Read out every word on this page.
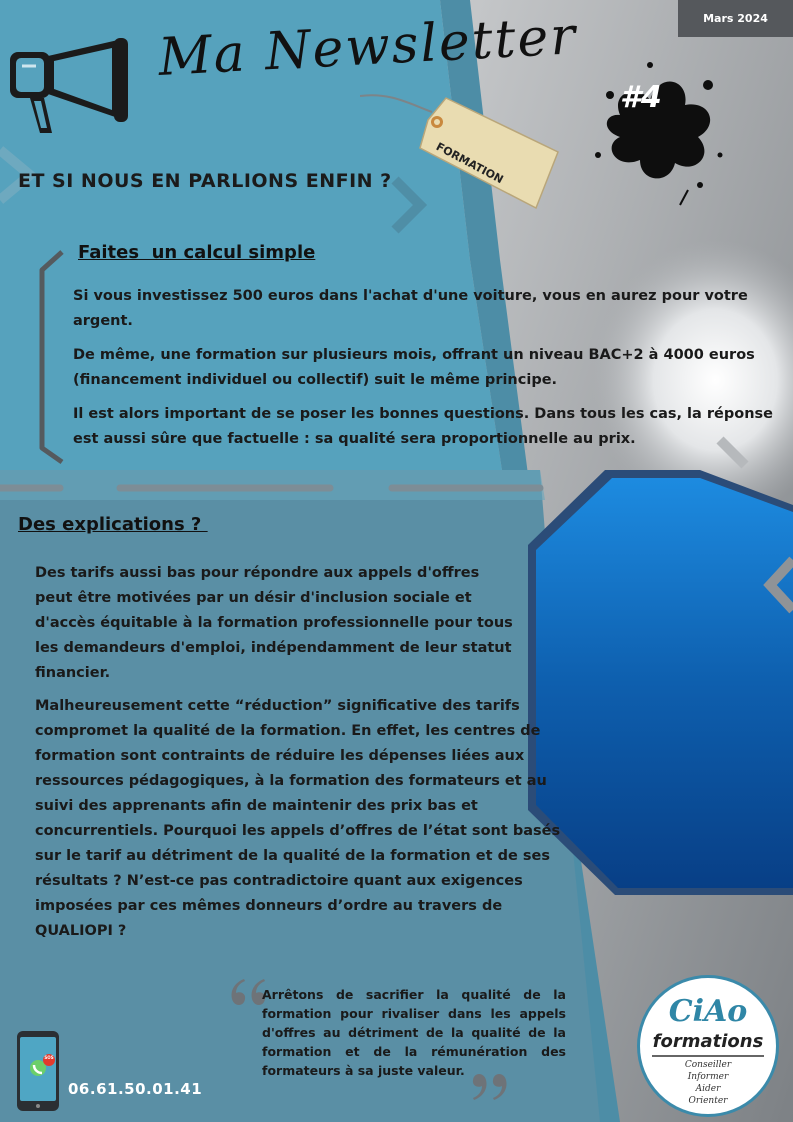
Mars 2024
Ma Newsletter
#4
FORMATION
ET SI NOUS EN PARLIONS ENFIN ?
Faites  un calcul simple
Si vous investissez 500 euros dans l'achat d'une voiture, vous en aurez pour votre argent.
De même, une formation sur plusieurs mois, offrant un niveau BAC+2 à 4000 euros (financement individuel ou collectif) suit le même principe.
Il est alors important de se poser les bonnes questions. Dans tous les cas, la réponse est aussi sûre que factuelle : sa qualité sera proportionnelle au prix.
Des explications ?
Des tarifs aussi bas pour répondre aux appels d'offres peut être motivées par un désir d'inclusion sociale et d'accès équitable à la formation professionnelle pour tous les demandeurs d'emploi, indépendamment de leur statut financier.
Malheureusement cette “réduction” significative des tarifs compromet la qualité de la formation. En effet, les centres de formation sont contraints de réduire les dépenses liées aux ressources pédagogiques, à la formation des formateurs et au suivi des apprenants afin de maintenir des prix bas et concurrentiels. Pourquoi les appels d’offres de l’état sont basés sur le tarif au détriment de la qualité de la formation et de ses résultats ? N’est-ce pas contradictoire quant aux exigences imposées par ces mêmes donneurs d’ordre au travers de QUALIOPI ?
Arrêtons de sacrifier la qualité de la formation pour rivaliser dans les appels d'offres au détriment de la qualité de la formation et de la rémunération des formateurs à sa juste valeur.
SOS
06.61.50.01.41
CiAo
formations
Conseiller
Informer
Aider
Orienter
